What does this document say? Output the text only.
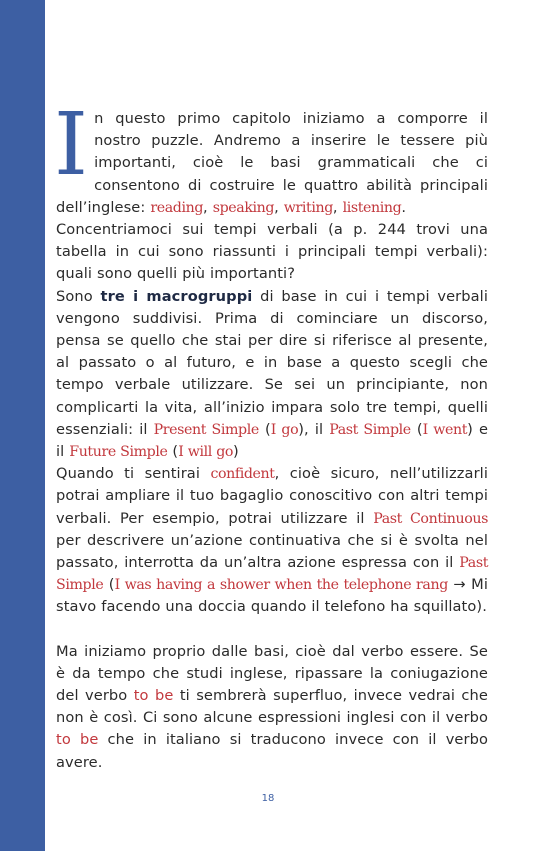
In questo primo capitolo iniziamo a comporre il nostro puzzle. Andremo a inserire le tessere più importanti, cioè le basi grammaticali che ci consentono di costruire le quattro abilità principali dell’inglese: reading, speaking, writing, listening.

Concentriamoci sui tempi verbali (a p. 244 trovi una tabella in cui sono riassunti i principali tempi verbali): quali sono quelli più importanti?

Sono tre i macrogruppi di base in cui i tempi verbali vengono suddivisi. Prima di cominciare un discorso, pensa se quello che stai per dire si riferisce al presente, al passato o al futuro, e in base a questo scegli che tempo verbale utilizzare. Se sei un principiante, non complicarti la vita, all’inizio impara solo tre tempi, quelli essenziali: il Present Simple (I go), il Past Simple (I went) e il Future Simple (I will go)

Quando ti sentirai confident, cioè sicuro, nell’utilizzarli potrai ampliare il tuo bagaglio conoscitivo con altri tempi verbali. Per esempio, potrai utilizzare il Past Continuous per descrivere un’azione continuativa che si è svolta nel passato, interrotta da un’altra azione espressa con il Past Simple (I was having a shower when the telephone rang → Mi stavo facendo una doccia quando il telefono ha squillato).

Ma iniziamo proprio dalle basi, cioè dal verbo essere. Se è da tempo che studi inglese, ripassare la coniugazione del verbo to be ti sembrerà superfluo, invece vedrai che non è così. Ci sono alcune espressioni inglesi con il verbo to be che in italiano si traducono invece con il verbo avere.

18
